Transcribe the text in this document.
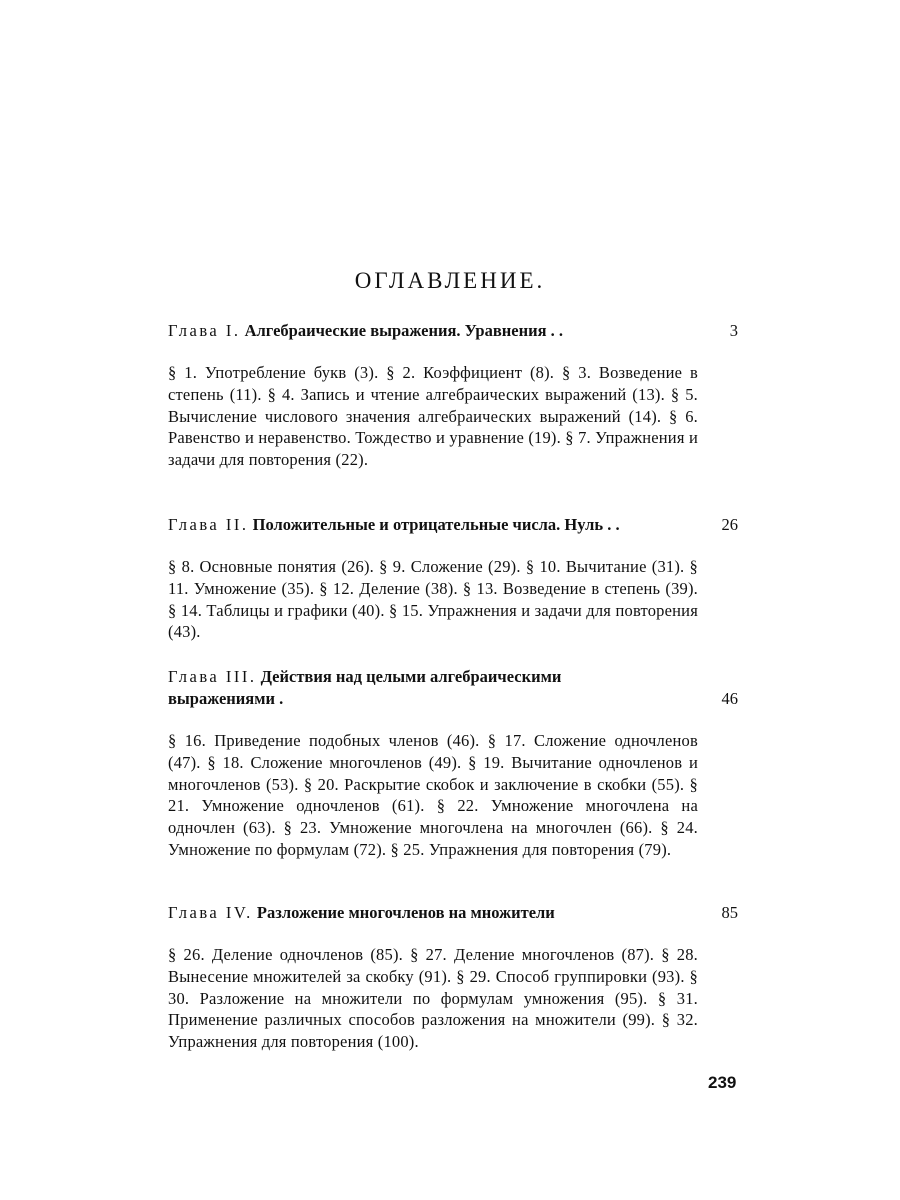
ОГЛАВЛЕНИЕ.
Глава I. Алгебраические выражения. Уравнения . .	3
§ 1. Употребление букв (3). § 2. Коэффициент (8). § 3. Возведение в степень (11). § 4. Запись и чтение алгебраических выражений (13). § 5. Вычисление числового значения алгебраических выражений (14). § 6. Равенство и неравенство. Тождество и уравнение (19). § 7. Упражнения и задачи для повторения (22).
Глава II. Положительные и отрицательные числа. Нуль . .	26
§ 8. Основные понятия (26). § 9. Сложение (29). § 10. Вычитание (31). § 11. Умножение (35). § 12. Деление (38). § 13. Возведение в степень (39). § 14. Таблицы и графики (40). § 15. Упражнения и задачи для повторения (43).
Глава III. Действия над целыми алгебраическими выражениями .	46
§ 16. Приведение подобных членов (46). § 17. Сложение одночленов (47). § 18. Сложение многочленов (49). § 19. Вычитание одночленов и многочленов (53). § 20. Раскрытие скобок и заключение в скобки (55). § 21. Умножение одночленов (61). § 22. Умножение многочлена на одночлен (63). § 23. Умножение многочлена на многочлен (66). § 24. Умножение по формулам (72). § 25. Упражнения для повторения (79).
Глава IV. Разложение многочленов на множители	85
§ 26. Деление одночленов (85). § 27. Деление многочленов (87). § 28. Вынесение множителей за скобку (91). § 29. Способ группировки (93). § 30. Разложение на множители по формулам умножения (95). § 31. Применение различных способов разложения на множители (99). § 32. Упражнения для повторения (100).
239
